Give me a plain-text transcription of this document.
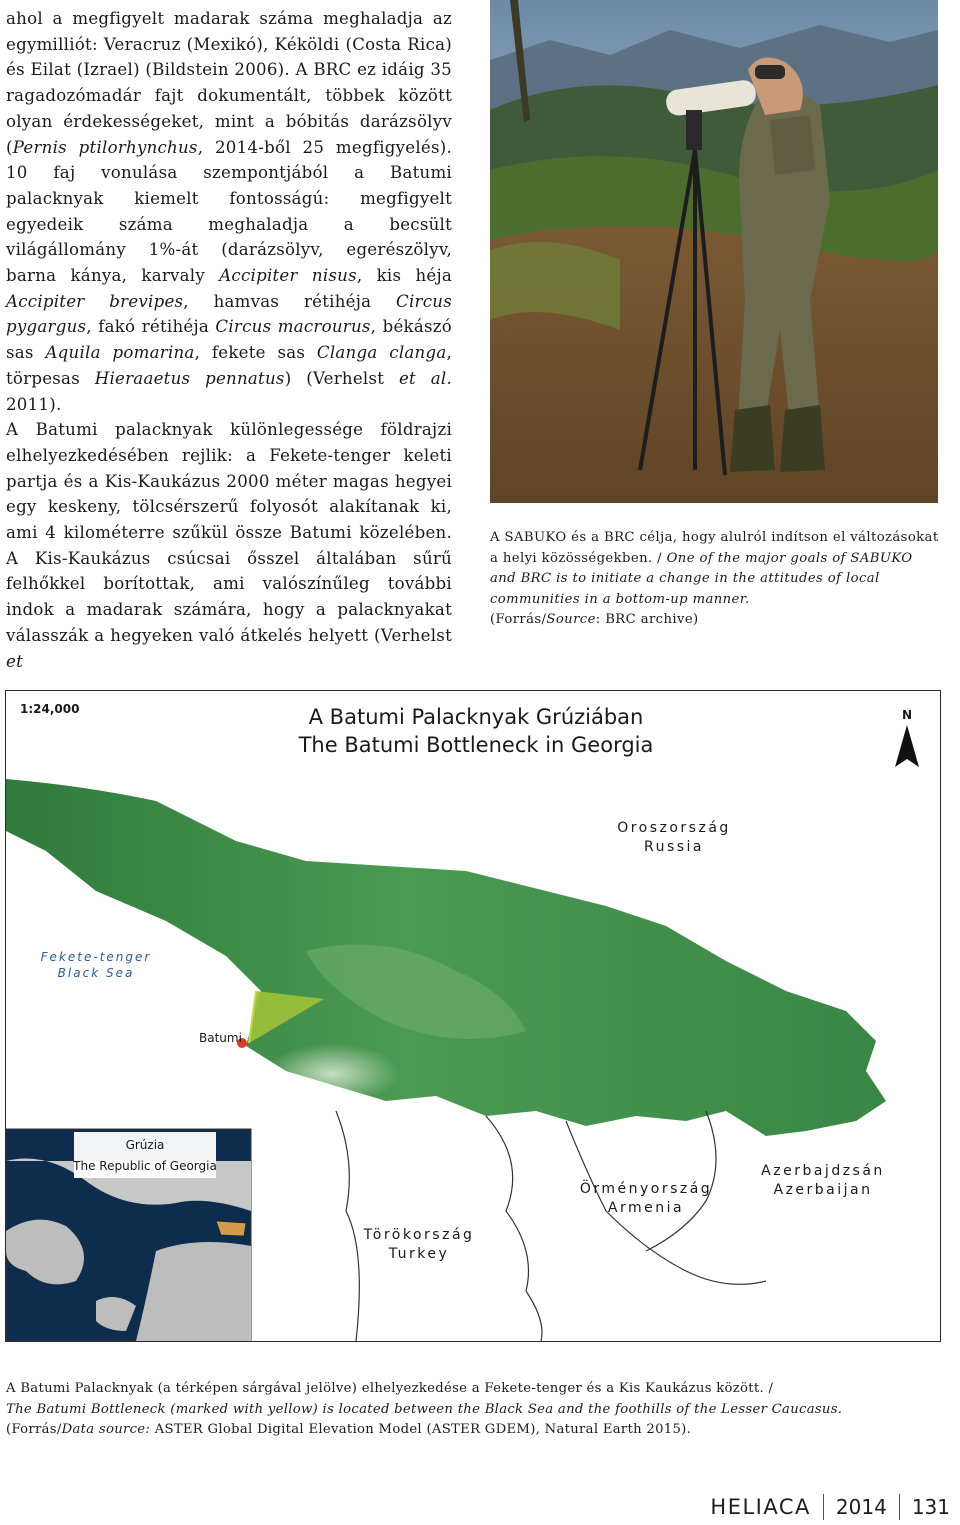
ahol a megfigyelt madarak száma meghaladja az egymilliót: Veracruz (Mexikó), Kéköldi (Costa Rica) és Eilat (Izrael) (Bildstein 2006). A BRC ez idáig 35 ragadozómadár fajt dokumentált, többek között olyan érdekességeket, mint a bóbitás darázsölyv (Pernis ptilorhynchus, 2014-ből 25 megfigyelés). 10 faj vonulása szempontjából a Batumi palacknyak kiemelt fontosságú: megfigyelt egyedeik száma meghaladja a becsült világállomány 1%-át (darázsölyv, egerészölyv, barna kánya, karvaly Accipiter nisus, kis héja Accipiter brevipes, hamvas rétihéja Circus pygargus, fakó rétihéja Circus macrourus, békászó sas Aquila pomarina, fekete sas Clanga clanga, törpesas Hieraaetus pennatus) (Verhelst et al. 2011).

A Batumi palacknyak különlegessége földrajzi elhelyezkedésében rejlik: a Fekete-tenger keleti partja és a Kis-Kaukázus 2000 méter magas hegyei egy keskeny, tölcsérszerű folyosót alakítanak ki, ami 4 kilométerre szűkül össze Batumi közelében. A Kis-Kaukázus csúcsai ősszel általában sűrű felhőkkel borítottak, ami valószínűleg további indok a madarak számára, hogy a palacknyakat válasszák a hegyeken való átkelés helyett (Verhelst et

A SABUKO és a BRC célja, hogy alulról indítson el változásokat a helyi közösségekben. / One of the major goals of SABUKO and BRC is to initiate a change in the attitudes of local communities in a bottom-up manner.
(Forrás/Source: BRC archive)
1:24,000	A Batumi Palacknyak Grúziában
The Batumi Bottleneck in Georgia
N
Oroszország
Russia
Fekete-tenger
Black Sea
Batumi
Azerbajdzsán
Azerbaijan
Örményország
Armenia
Törökország
Turkey
Grúzia
The Republic of Georgia
A Batumi Palacknyak (a térképen sárgával jelölve) elhelyezkedése a Fekete-tenger és a Kis Kaukázus között. /
The Batumi Bottleneck (marked with yellow) is located between the Black Sea and the foothills of the Lesser Caucasus.
(Forrás/Data source: ASTER Global Digital Elevation Model (ASTER GDEM), Natural Earth 2015).
HELIACA 2014 131
